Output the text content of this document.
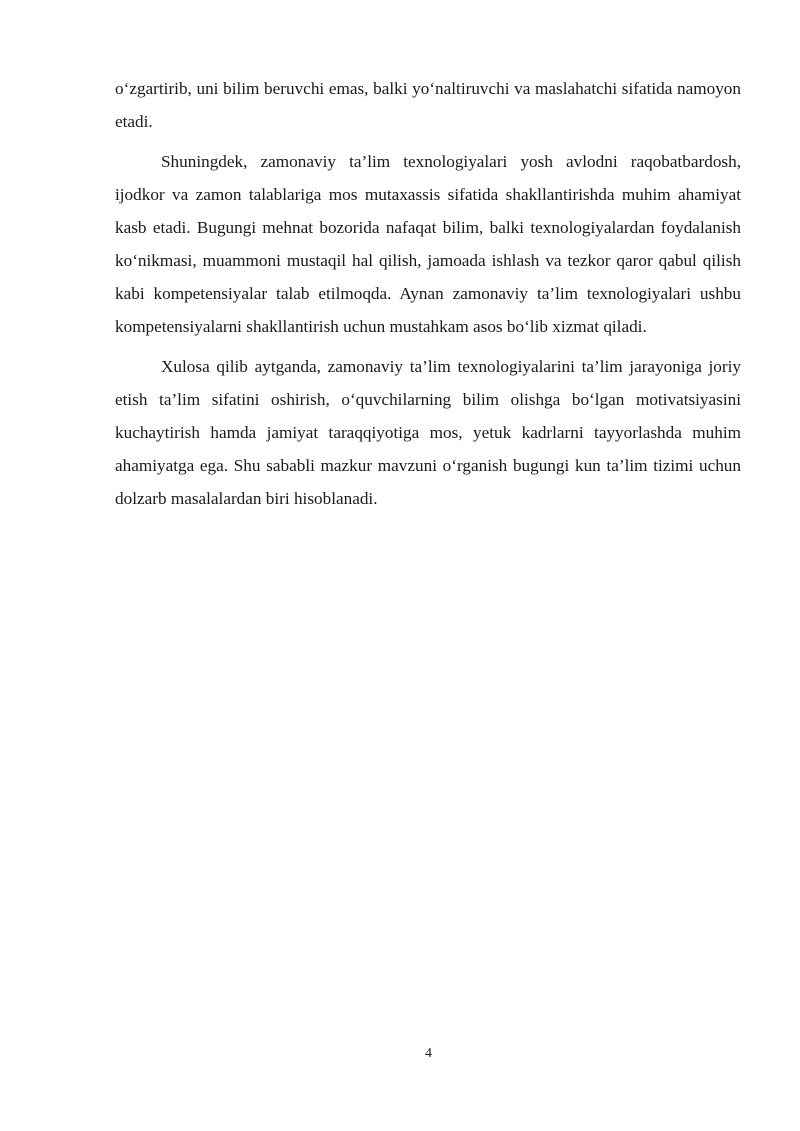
o‘zgartirib, uni bilim beruvchi emas, balki yo‘naltiruvchi va maslahatchi sifatida namoyon etadi.

Shuningdek, zamonaviy ta’lim texnologiyalari yosh avlodni raqobatbardosh, ijodkor va zamon talablariga mos mutaxassis sifatida shakllantirishda muhim ahamiyat kasb etadi. Bugungi mehnat bozorida nafaqat bilim, balki texnologiyalardan foydalanish ko‘nikmasi, muammoni mustaqil hal qilish, jamoada ishlash va tezkor qaror qabul qilish kabi kompetensiyalar talab etilmoqda. Aynan zamonaviy ta’lim texnologiyalari ushbu kompetensiyalarni shakllantirish uchun mustahkam asos bo‘lib xizmat qiladi.

Xulosa qilib aytganda, zamonaviy ta’lim texnologiyalarini ta’lim jarayoniga joriy etish ta’lim sifatini oshirish, o‘quvchilarning bilim olishga bo‘lgan motivatsiyasini kuchaytirish hamda jamiyat taraqqiyotiga mos, yetuk kadrlarni tayyorlashda muhim ahamiyatga ega. Shu sababli mazkur mavzuni o‘rganish bugungi kun ta’lim tizimi uchun dolzarb masalalardan biri hisoblanadi.

4
